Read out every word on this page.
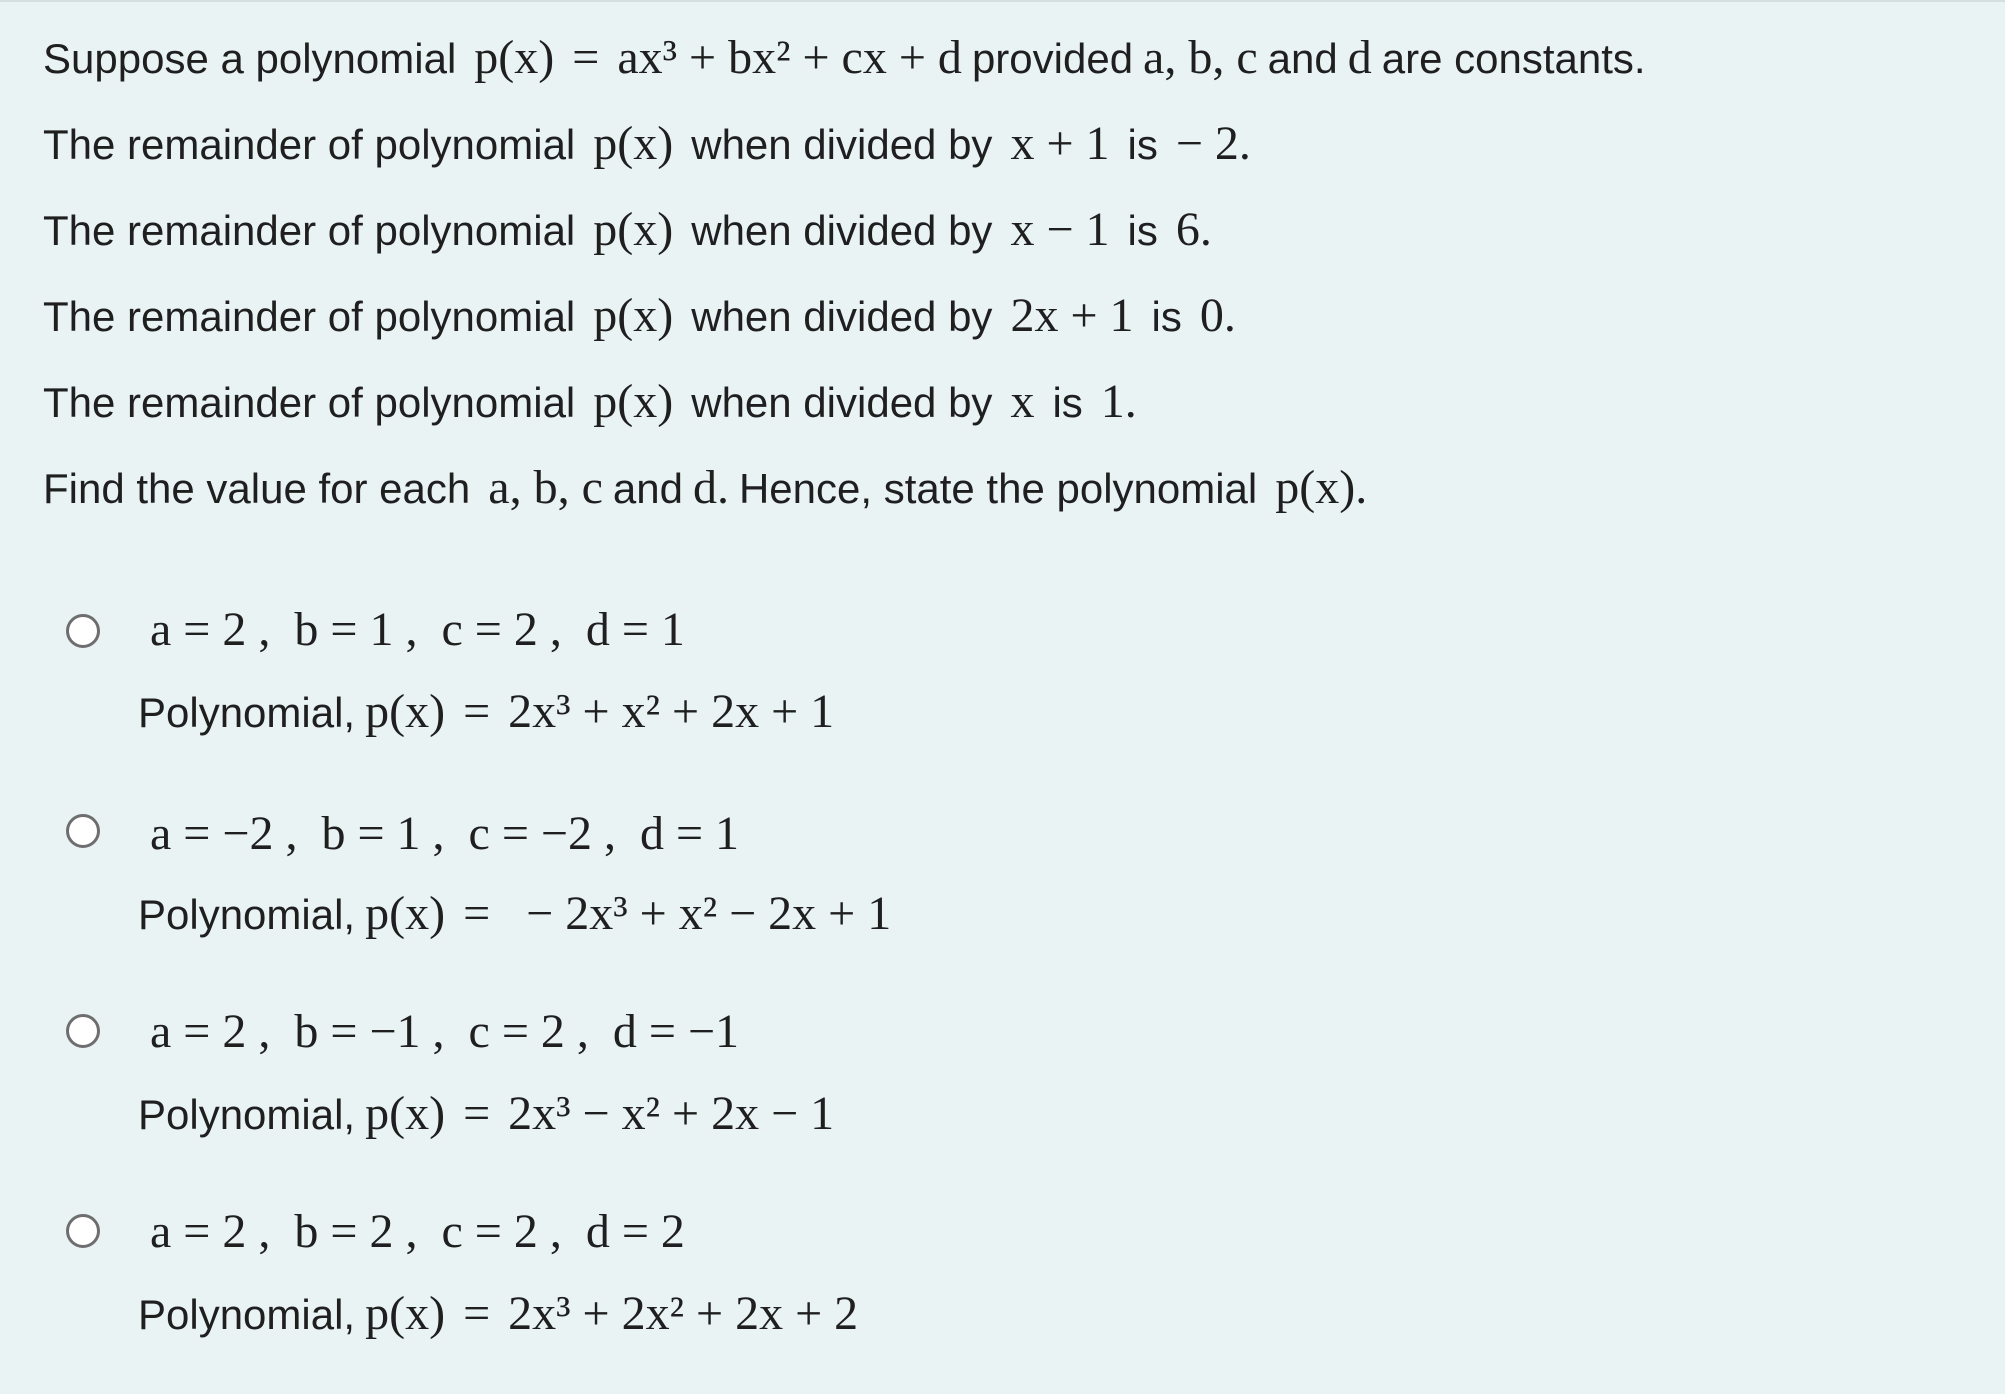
Suppose a polynomial p(x) = ax³ + bx² + cx + d provided a, b, c and d are constants.
The remainder of polynomial p(x) when divided by x + 1 is − 2.
The remainder of polynomial p(x) when divided by x − 1 is 6.
The remainder of polynomial p(x) when divided by 2x + 1 is 0.
The remainder of polynomial p(x) when divided by x is 1.
Find the value for each a, b, c and d. Hence, state the polynomial p(x).
a = 2 ,  b = 1 ,  c = 2 ,  d = 1
Polynomial, p(x) = 2x³ + x² + 2x + 1
a = −2 ,  b = 1 ,  c = −2 ,  d = 1
Polynomial, p(x) = − 2x³ + x² − 2x + 1
a = 2 ,  b = −1 ,  c = 2 ,  d = −1
Polynomial, p(x) = 2x³ − x² + 2x − 1
a = 2 ,  b = 2 ,  c = 2 ,  d = 2
Polynomial, p(x) = 2x³ + 2x² + 2x + 2
